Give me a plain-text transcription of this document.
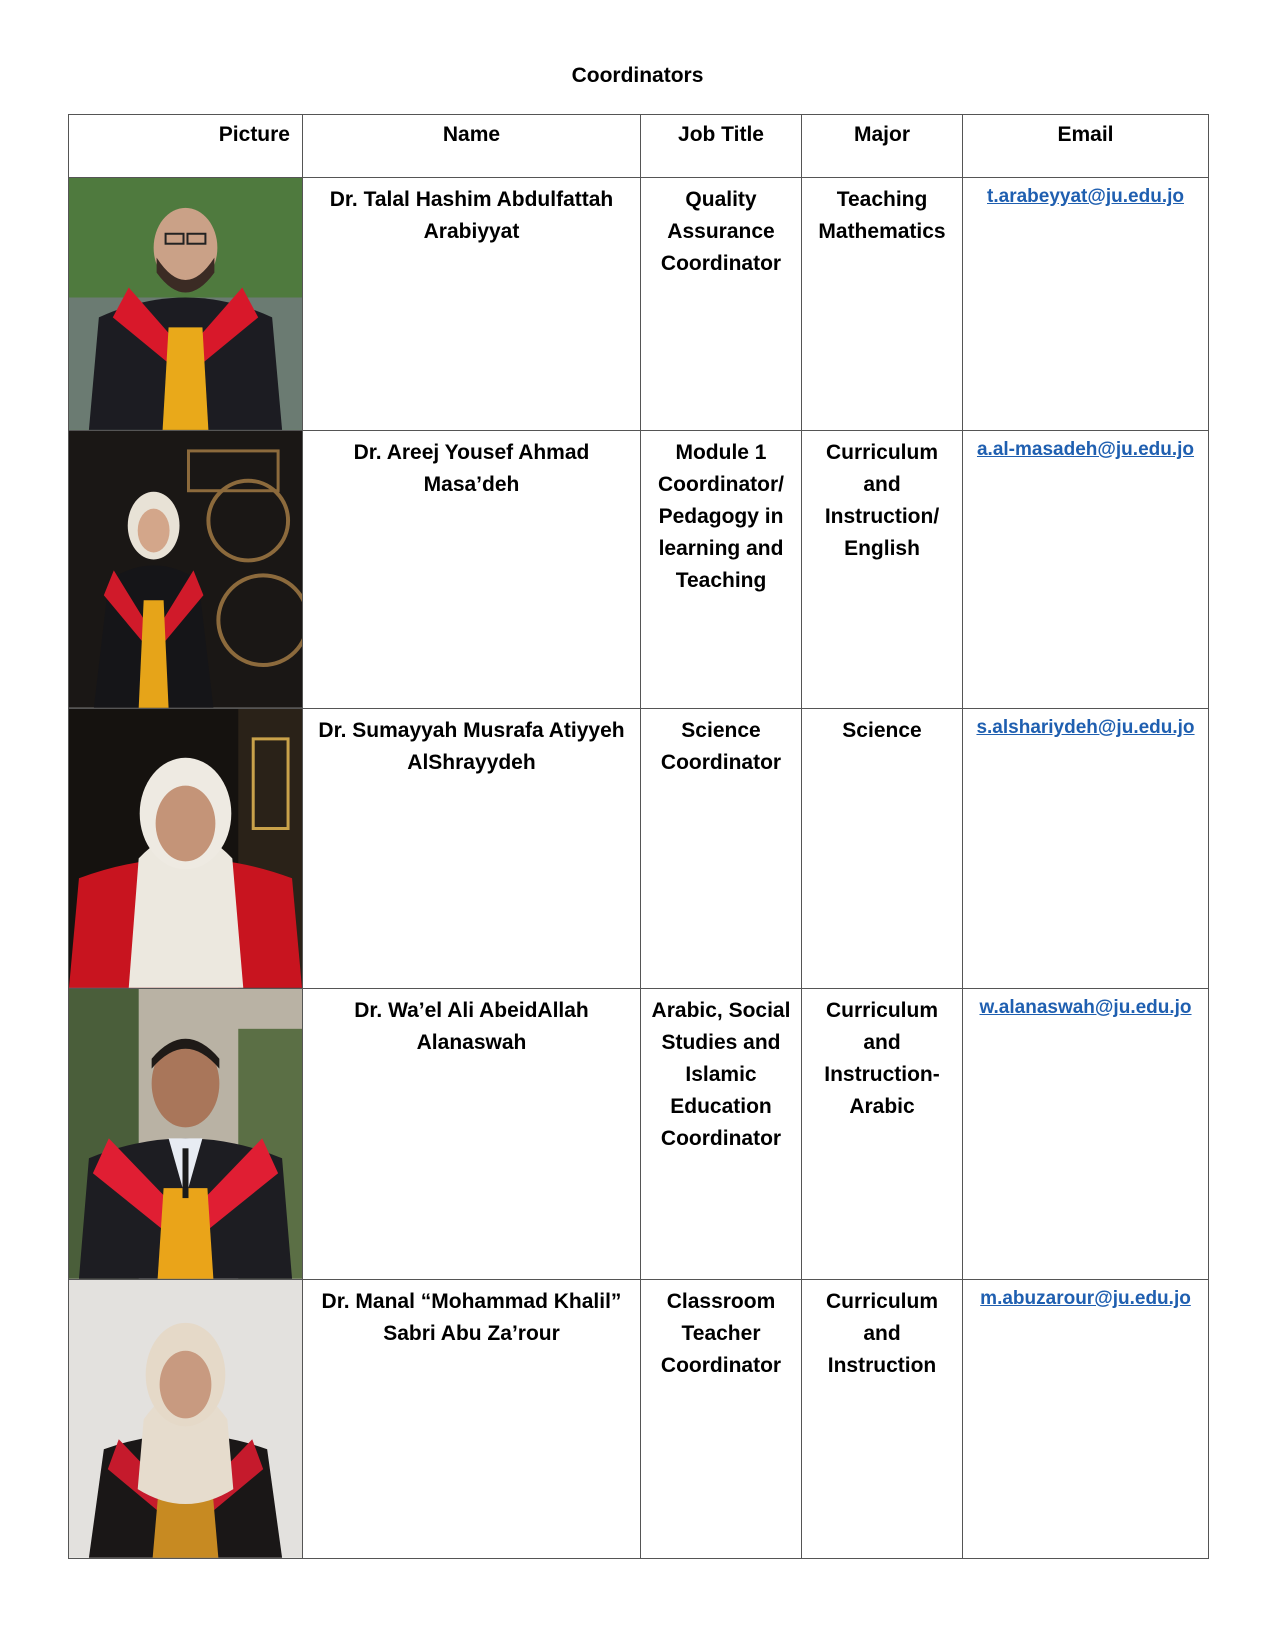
Coordinators
Picture	Name	Job Title	Major	Email

	Dr. Talal Hashim Abdulfattah Arabiyyat	Quality Assurance Coordinator	Teaching Mathematics	t.arabeyyat@ju.edu.jo

	Dr. Areej Yousef Ahmad Masa’deh	Module 1 Coordinator/ Pedagogy in learning and Teaching	Curriculum and Instruction/ English	a.al-masadeh@ju.edu.jo

	Dr. Sumayyah Musrafa Atiyyeh AlShrayydeh	Science Coordinator	Science	s.alshariydeh@ju.edu.jo

	Dr. Wa’el Ali AbeidAllah Alanaswah	Arabic, Social Studies and Islamic Education Coordinator	Curriculum and Instruction- Arabic	w.alanaswah@ju.edu.jo

	Dr. Manal “Mohammad Khalil” Sabri Abu Za’rour	Classroom Teacher Coordinator	Curriculum and Instruction	m.abuzarour@ju.edu.jo
